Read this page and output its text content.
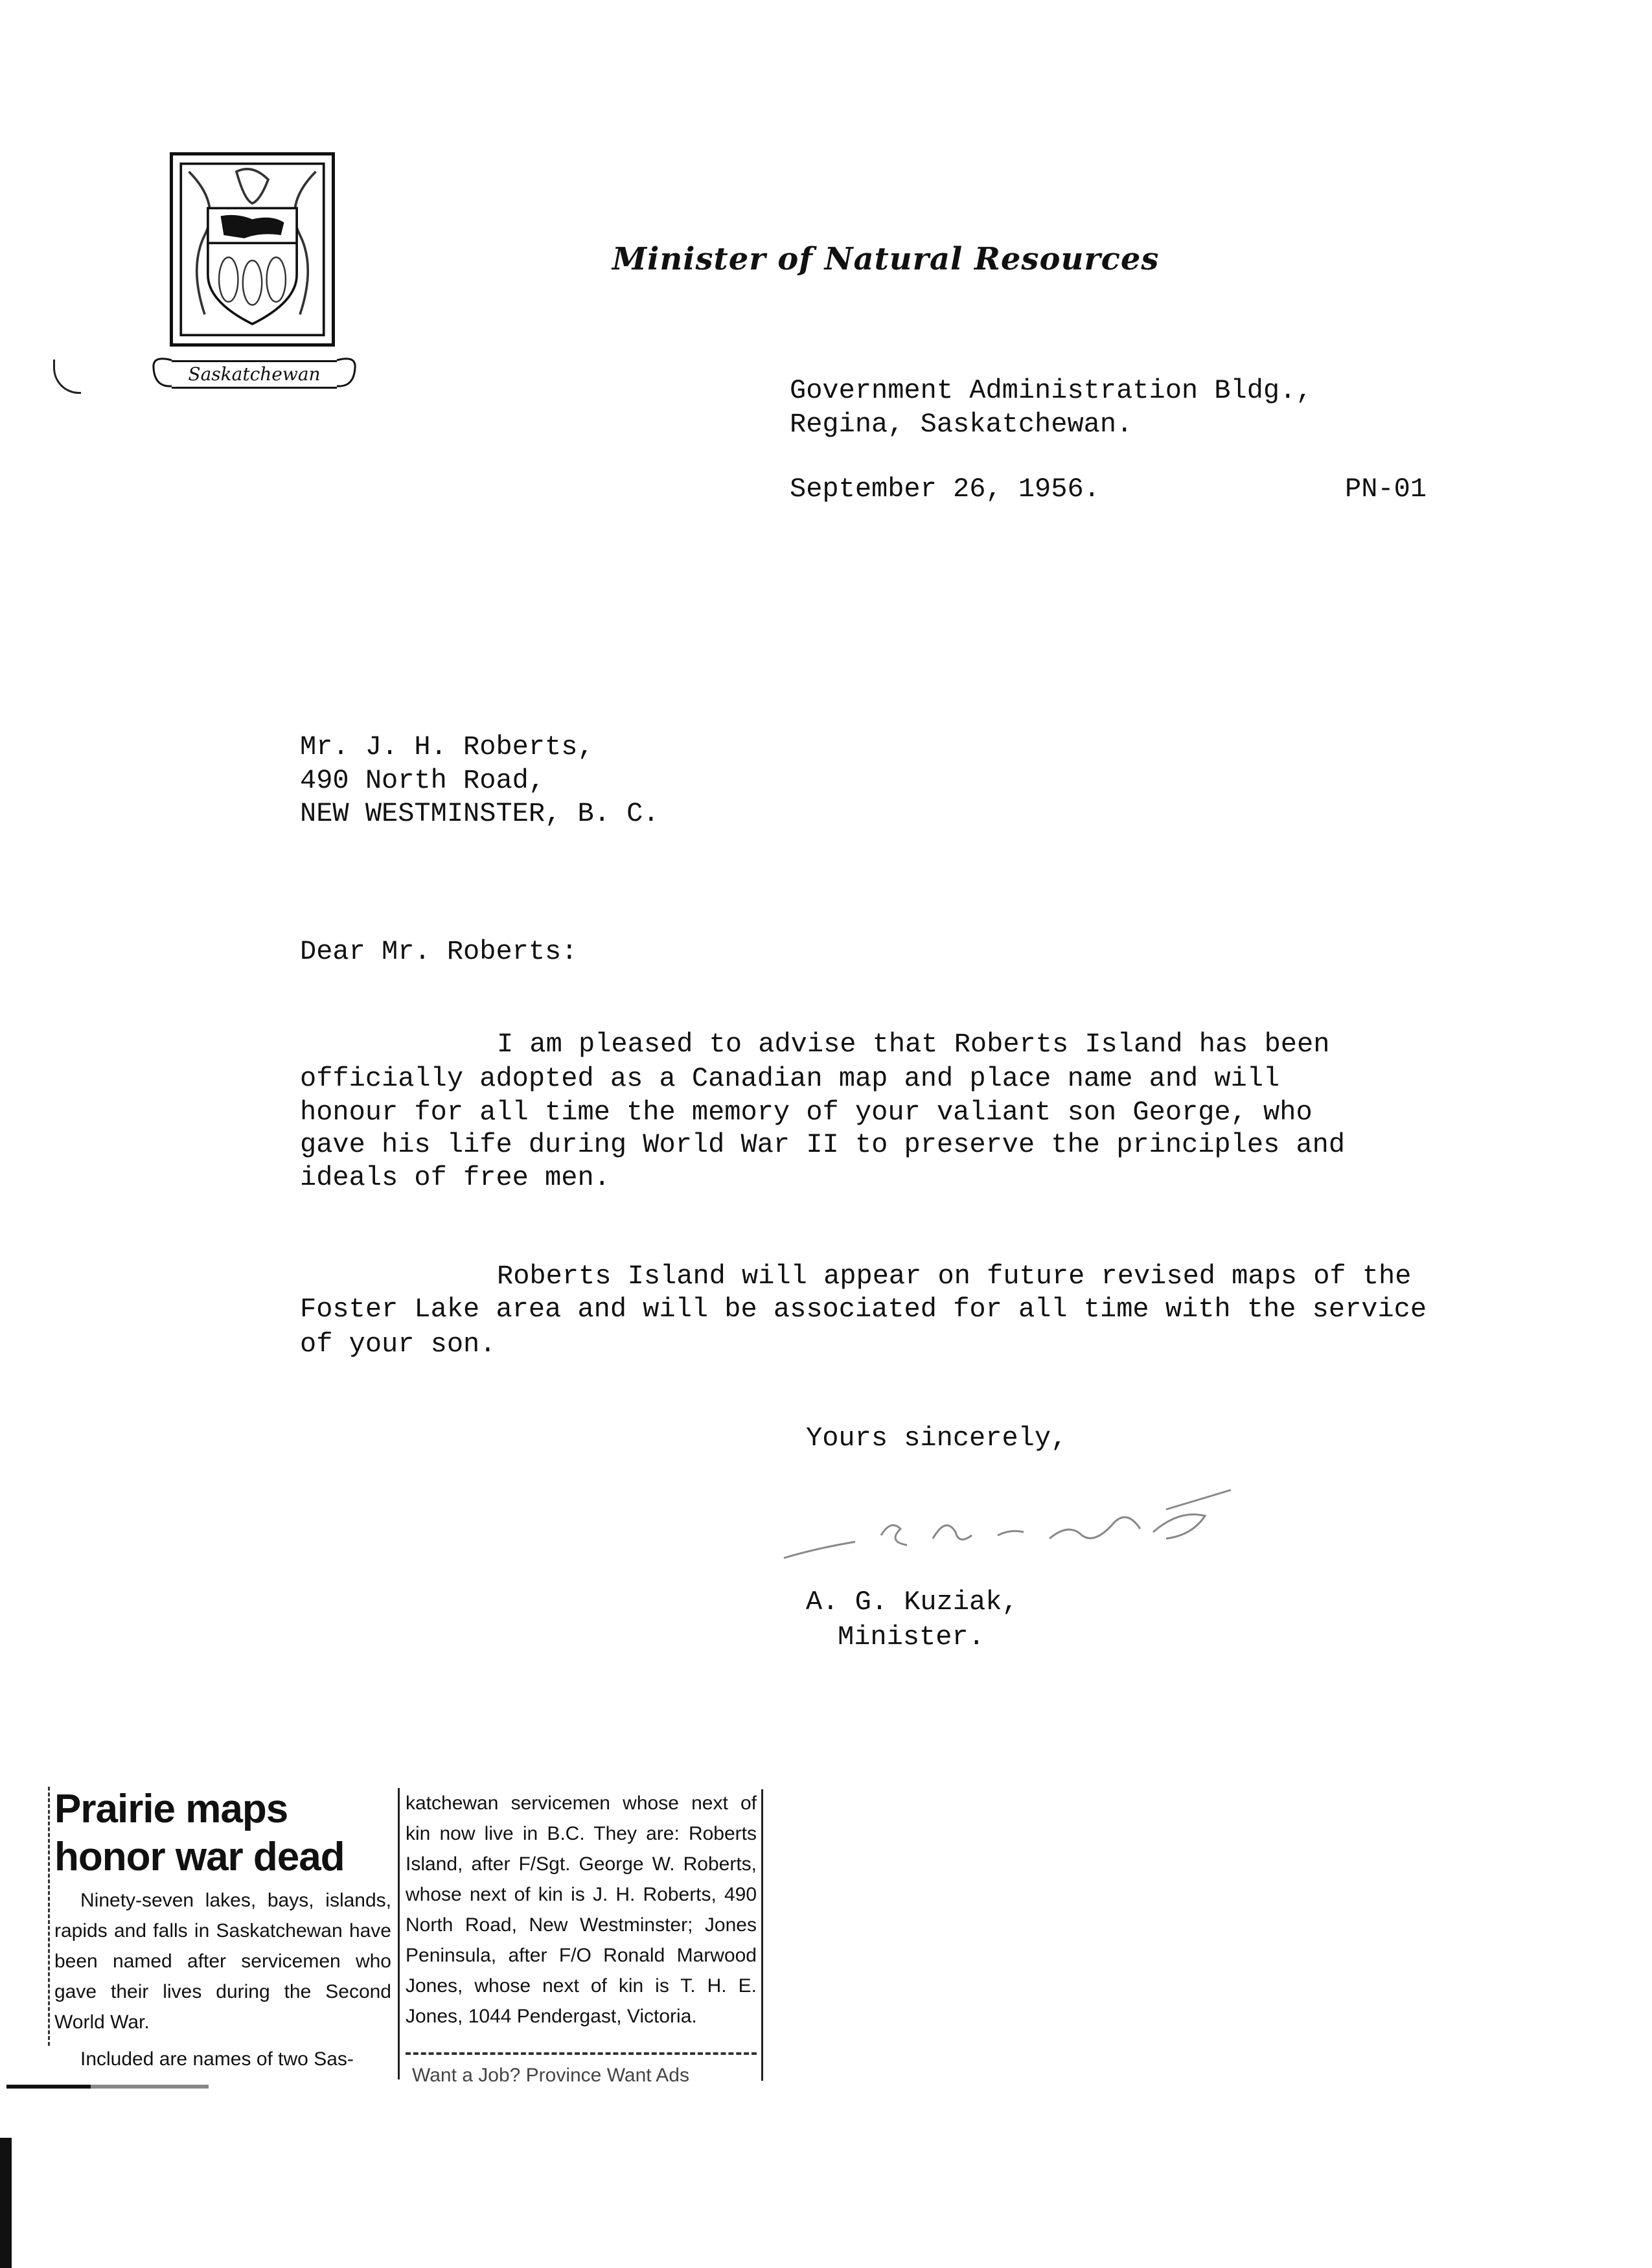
Saskatchewan
Minister of Natural Resources
Government Administration Bldg.,
Regina, Saskatchewan.
September 26, 1956.	PN-01
Mr. J. H. Roberts,
490 North Road,
NEW WESTMINSTER, B. C.
Dear Mr. Roberts:
I am pleased to advise that Roberts Island has been
officially adopted as a Canadian map and place name and will
honour for all time the memory of your valiant son George, who
gave his life during World War II to preserve the principles and
ideals of free men.
Roberts Island will appear on future revised maps of the
Foster Lake area and will be associated for all time with the service
of your son.
Yours sincerely,
A. G. Kuziak,
Minister.
Prairie maps
honor war dead
Ninety-seven lakes, bays, islands, rapids and falls in Saskatchewan have been named after servicemen who gave their lives during the Second World War.
Included are names of two Sas-
katchewan servicemen whose next of kin now live in B.C. They are: Roberts Island, after F/Sgt. George W. Roberts, whose next of kin is J. H. Roberts, 490 North Road, New Westminster; Jones Peninsula, after F/O Ronald Marwood Jones, whose next of kin is T. H. E. Jones, 1044 Pendergast, Victoria.
Want a Job? Province Want Ads
